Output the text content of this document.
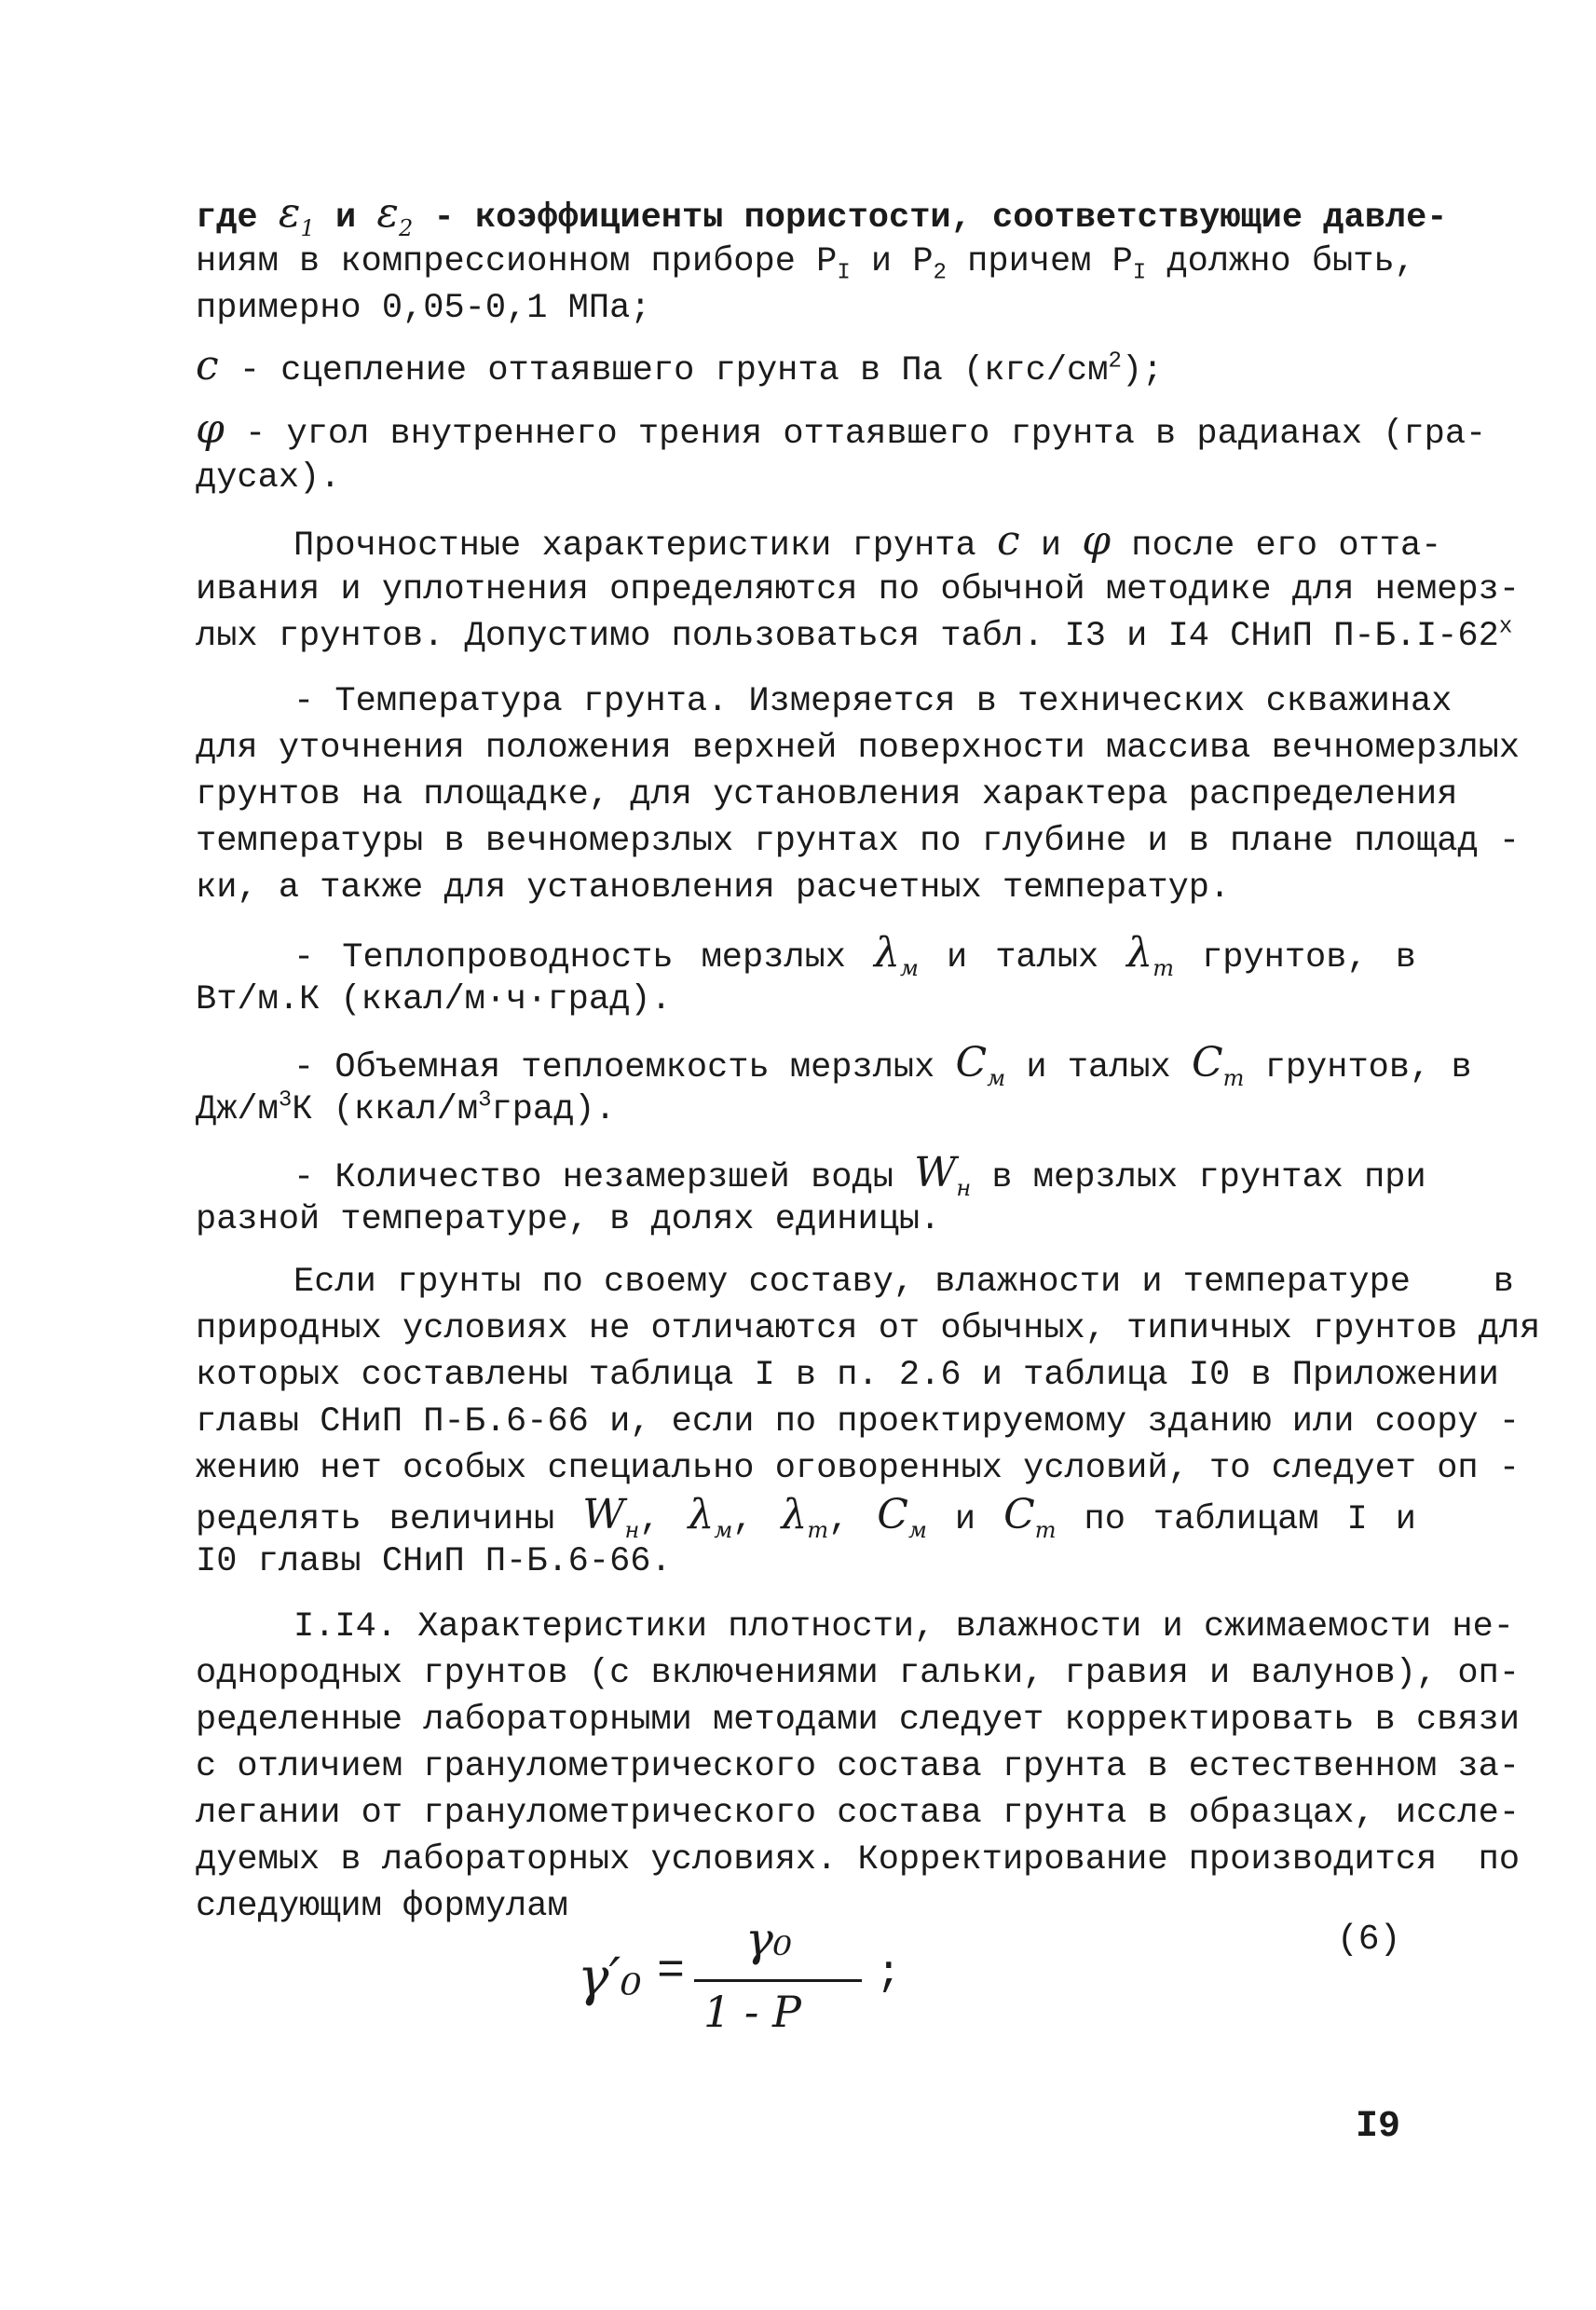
где $\varepsilon_1$ и $\varepsilon_2$ - коэффициенты пористости, соответствующие давле-
ниям в компрессионном приборе $P_I$ и $P_2$ причем $P_I$ должно быть,
примерно 0,05-0,1 МПа;
c - сцепление оттаявшего грунта в Па $(кгс/см^2)$;
φ - угол внутреннего трения оттаявшего грунта в радианах (гра-
дусах).
Прочностные характеристики грунта c и φ после его отта-
ивания и уплотнения определяются по обычной методике для немерз-
лых грунтов. Допустимо пользоваться табл. I3 и I4 СНиП П-Б.I-62$^x$
- Температура грунта. Измеряется в технических скважинах
для уточнения положения верхней поверхности массива вечномерзлых
грунтов на площадке, для установления характера распределения
температуры в вечномерзлых грунтах по глубине и в плане площад -
ки, а также для установления расчетных температур.
- Теплопроводность мерзлых $\lambda_м$ и талых $\lambda_т$ грунтов, в
Вт/м.К (ккал/м·ч·град).
- Объемная теплоемкость мерзлых $C_м$ и талых $C_т$ грунтов, в
$Дж/м^3К$ $(ккал/м^3град)$.
- Количество незамерзшей воды $W_н$ в мерзлых грунтах при
разной температуре, в долях единицы.
Если грунты по своему составу, влажности и температуре    в
природных условиях не отличаются от обычных, типичных грунтов для
которых составлены таблица I в п. 2.6 и таблица I0 в Приложении
главы СНиП П-Б.6-66 и, если по проектируемому зданию или соору -
жению нет особых специально оговоренных условий, то следует оп -
ределять величины $W_н$, $\lambda_м$, $\lambda_т$, $C_м$ и $C_т$ по таблицам I и
I0 главы СНиП П-Б.6-66.
I.I4. Характеристики плотности, влажности и сжимаемости не-
однородных грунтов (с включениями гальки, гравия и валунов), оп-
ределенные лабораторными методами следует корректировать в связи
с отличием гранулометрического состава грунта в естественном за-
легании от гранулометрического состава грунта в образцах, иссле-
дуемых в лабораторных условиях. Корректирование производится  по
следующим формулам
γ′₀ =
γ₀
1 - P
;
(6)
I9
